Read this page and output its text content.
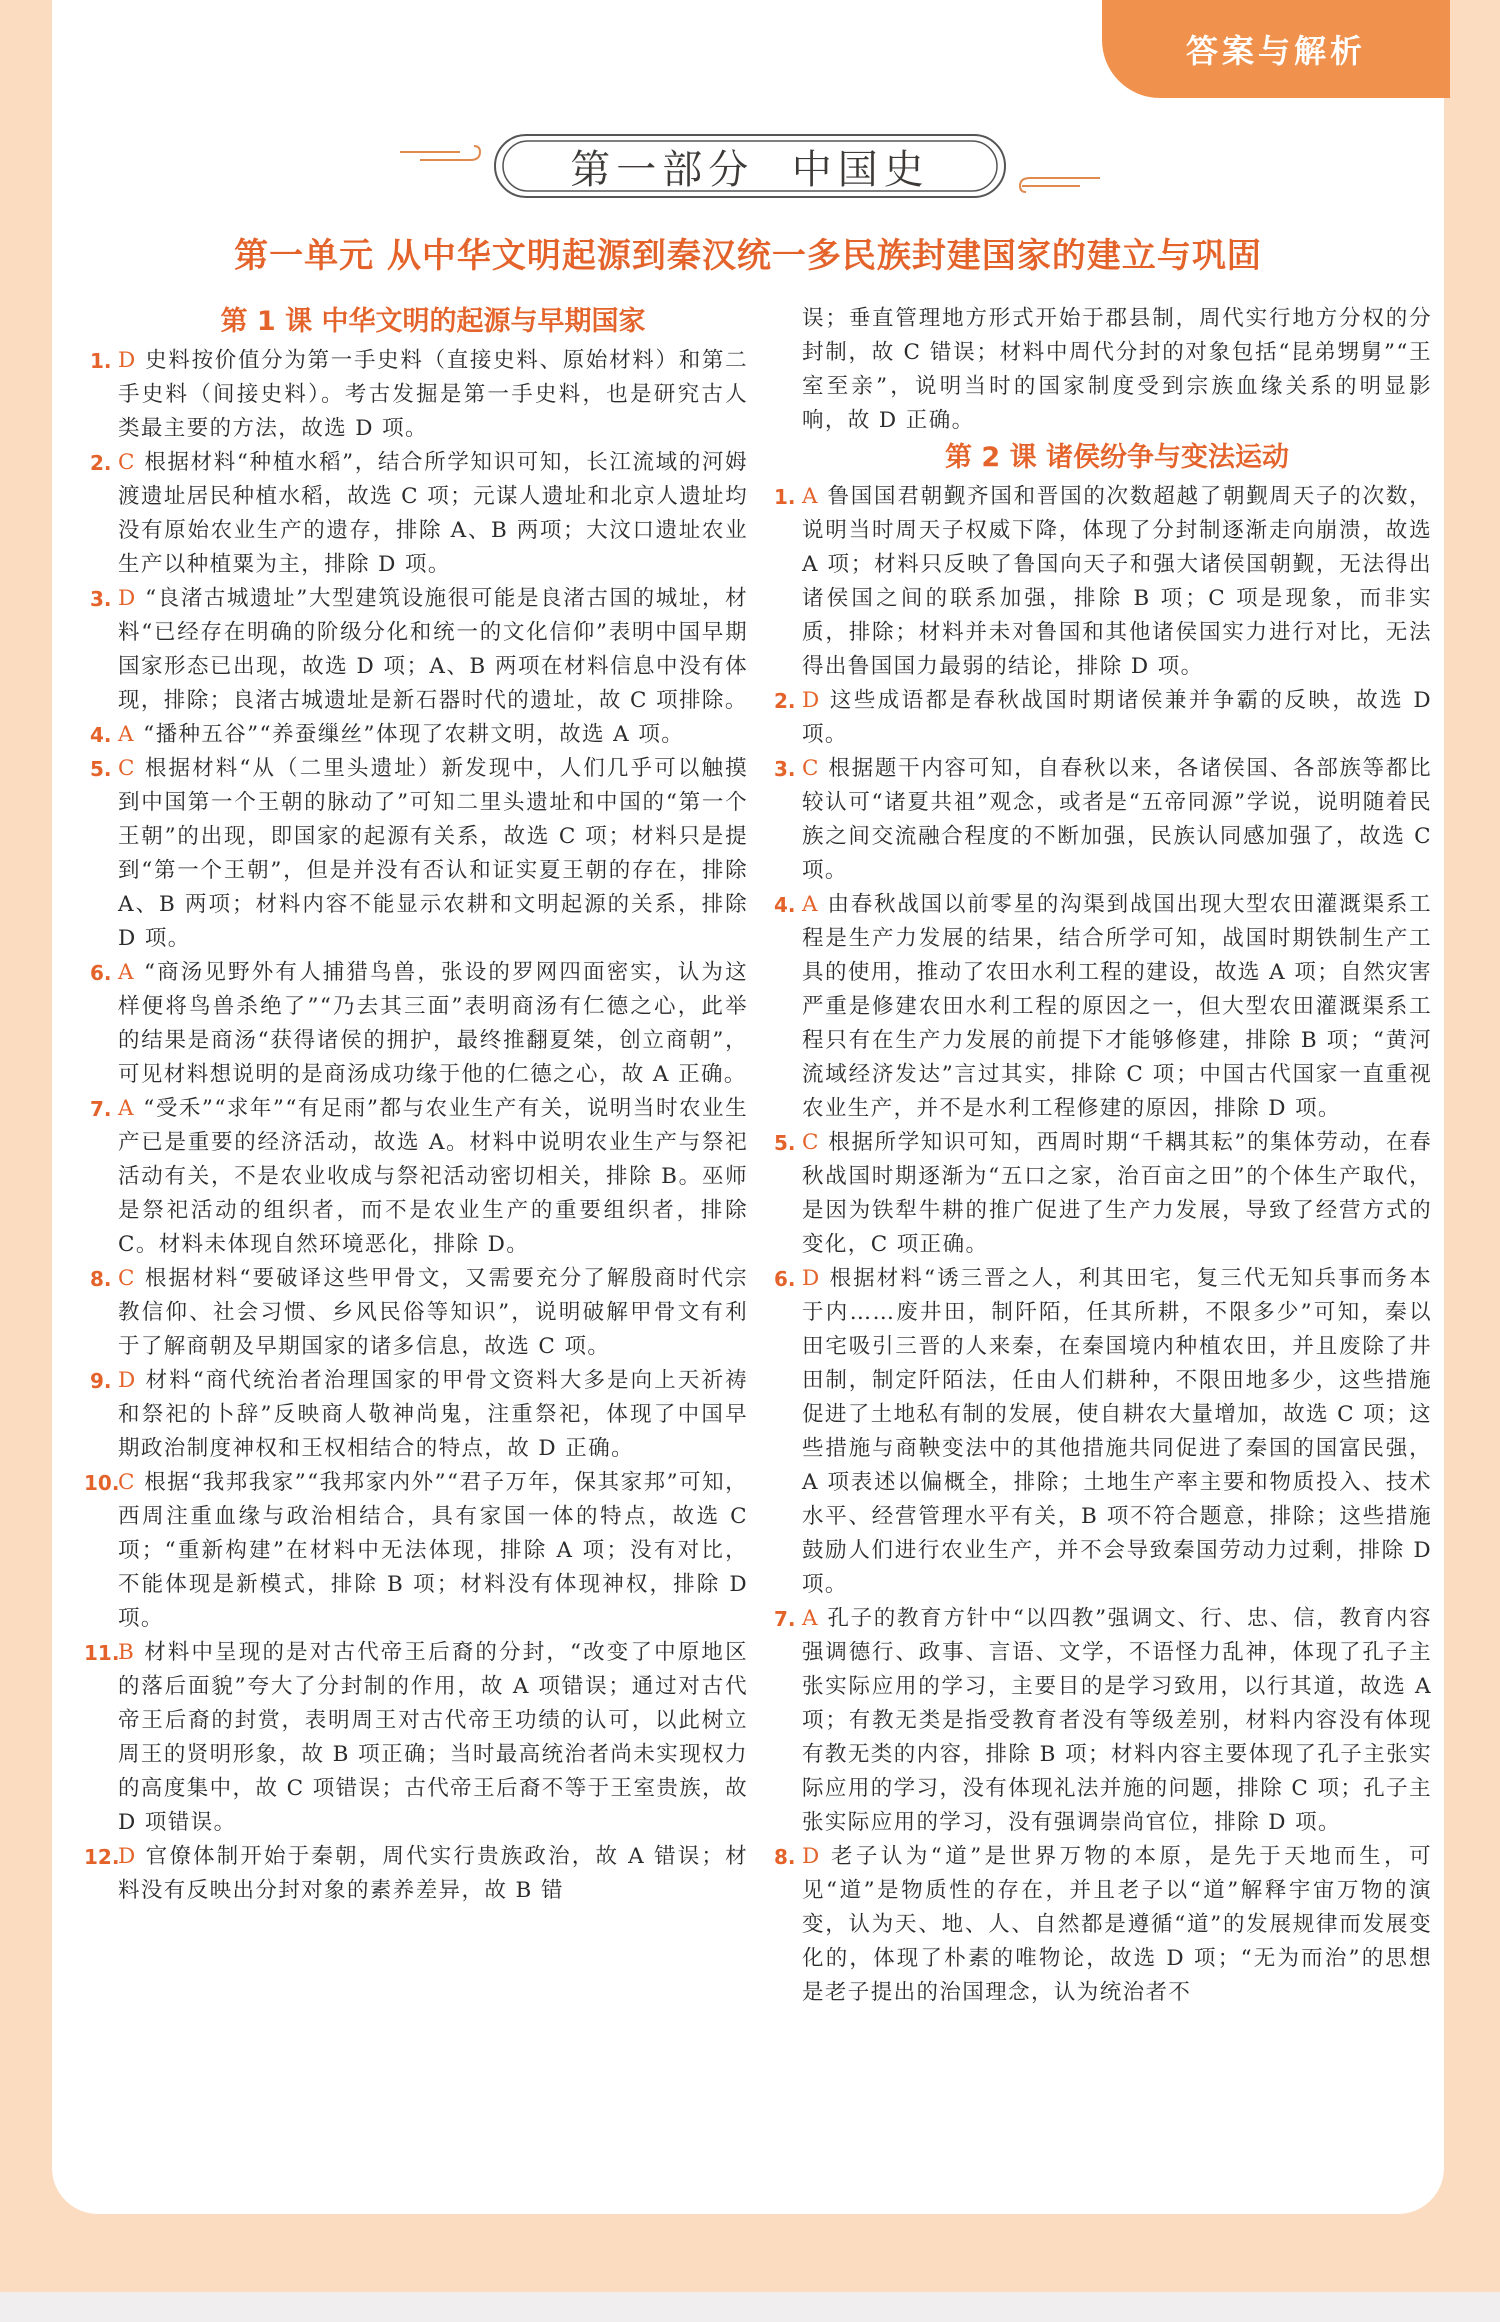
答案与解析
第一部分  中国史
第一单元 从中华文明起源到秦汉统一多民族封建国家的建立与巩固
第 1 课 中华文明的起源与早期国家
1. D 史料按价值分为第一手史料（直接史料、原始材料）和第二手史料（间接史料）。考古发掘是第一手史料，也是研究古人类最主要的方法，故选 D 项。
2. C 根据材料“种植水稻”，结合所学知识可知，长江流域的河姆渡遗址居民种植水稻，故选 C 项；元谋人遗址和北京人遗址均没有原始农业生产的遗存，排除 A、B 两项；大汶口遗址农业生产以种植粟为主，排除 D 项。
3. D “良渚古城遗址”大型建筑设施很可能是良渚古国的城址，材料“已经存在明确的阶级分化和统一的文化信仰”表明中国早期国家形态已出现，故选 D 项；A、B 两项在材料信息中没有体现，排除；良渚古城遗址是新石器时代的遗址，故 C 项排除。
4. A “播种五谷”“养蚕缫丝”体现了农耕文明，故选 A 项。
5. C 根据材料“从（二里头遗址）新发现中，人们几乎可以触摸到中国第一个王朝的脉动了”可知二里头遗址和中国的“第一个王朝”的出现，即国家的起源有关系，故选 C 项；材料只是提到“第一个王朝”，但是并没有否认和证实夏王朝的存在，排除 A、B 两项；材料内容不能显示农耕和文明起源的关系，排除 D 项。
6. A “商汤见野外有人捕猎鸟兽，张设的罗网四面密实，认为这样便将鸟兽杀绝了”“乃去其三面”表明商汤有仁德之心，此举的结果是商汤“获得诸侯的拥护，最终推翻夏桀，创立商朝”，可见材料想说明的是商汤成功缘于他的仁德之心，故 A 正确。
7. A “受禾”“求年”“有足雨”都与农业生产有关，说明当时农业生产已是重要的经济活动，故选 A。材料中说明农业生产与祭祀活动有关，不是农业收成与祭祀活动密切相关，排除 B。巫师是祭祀活动的组织者，而不是农业生产的重要组织者，排除 C。材料未体现自然环境恶化，排除 D。
8. C 根据材料“要破译这些甲骨文，又需要充分了解殷商时代宗教信仰、社会习惯、乡风民俗等知识”，说明破解甲骨文有利于了解商朝及早期国家的诸多信息，故选 C 项。
9. D 材料“商代统治者治理国家的甲骨文资料大多是向上天祈祷和祭祀的卜辞”反映商人敬神尚鬼，注重祭祀，体现了中国早期政治制度神权和王权相结合的特点，故 D 正确。
10.
C 根据“我邦我家”“我邦家内外”“君子万年，保其家邦”可知，西周注重血缘与政治相结合，具有家国一体的特点，故选 C 项；“重新构建”在材料中无法体现，排除 A 项；没有对比，不能体现是新模式，排除 B 项；材料没有体现神权，排除 D 项。
11.
B 材料中呈现的是对古代帝王后裔的分封，“改变了中原地区的落后面貌”夸大了分封制的作用，故 A 项错误；通过对古代帝王后裔的封赏，表明周王对古代帝王功绩的认可，以此树立周王的贤明形象，故 B 项正确；当时最高统治者尚未实现权力的高度集中，故 C 项错误；古代帝王后裔不等于王室贵族，故 D 项错误。
12.
D 官僚体制开始于秦朝，周代实行贵族政治，故 A 错误；材料没有反映出分封对象的素养差异，故 B 错
误；垂直管理地方形式开始于郡县制，周代实行地方分权的分封制，故 C 错误；材料中周代分封的对象包括“昆弟甥舅”“王室至亲”，说明当时的国家制度受到宗族血缘关系的明显影响，故 D 正确。
第 2 课 诸侯纷争与变法运动
1. A 鲁国国君朝觐齐国和晋国的次数超越了朝觐周天子的次数，说明当时周天子权威下降，体现了分封制逐渐走向崩溃，故选 A 项；材料只反映了鲁国向天子和强大诸侯国朝觐，无法得出诸侯国之间的联系加强，排除 B 项；C 项是现象，而非实质，排除；材料并未对鲁国和其他诸侯国实力进行对比，无法得出鲁国国力最弱的结论，排除 D 项。
2. D 这些成语都是春秋战国时期诸侯兼并争霸的反映，故选 D 项。
3. C 根据题干内容可知，自春秋以来，各诸侯国、各部族等都比较认可“诸夏共祖”观念，或者是“五帝同源”学说，说明随着民族之间交流融合程度的不断加强，民族认同感加强了，故选 C 项。
4. A 由春秋战国以前零星的沟渠到战国出现大型农田灌溉渠系工程是生产力发展的结果，结合所学可知，战国时期铁制生产工具的使用，推动了农田水利工程的建设，故选 A 项；自然灾害严重是修建农田水利工程的原因之一，但大型农田灌溉渠系工程只有在生产力发展的前提下才能够修建，排除 B 项；“黄河流域经济发达”言过其实，排除 C 项；中国古代国家一直重视农业生产，并不是水利工程修建的原因，排除 D 项。
5. C 根据所学知识可知，西周时期“千耦其耘”的集体劳动，在春秋战国时期逐渐为“五口之家，治百亩之田”的个体生产取代，是因为铁犁牛耕的推广促进了生产力发展，导致了经营方式的变化，C 项正确。
6. D 根据材料“诱三晋之人，利其田宅，复三代无知兵事而务本于内……废井田，制阡陌，任其所耕，不限多少”可知，秦以田宅吸引三晋的人来秦，在秦国境内种植农田，并且废除了井田制，制定阡陌法，任由人们耕种，不限田地多少，这些措施促进了土地私有制的发展，使自耕农大量增加，故选 C 项；这些措施与商鞅变法中的其他措施共同促进了秦国的国富民强，A 项表述以偏概全，排除；土地生产率主要和物质投入、技术水平、经营管理水平有关，B 项不符合题意，排除；这些措施鼓励人们进行农业生产，并不会导致秦国劳动力过剩，排除 D 项。
7. A 孔子的教育方针中“以四教”强调文、行、忠、信，教育内容强调德行、政事、言语、文学，不语怪力乱神，体现了孔子主张实际应用的学习，主要目的是学习致用，以行其道，故选 A 项；有教无类是指受教育者没有等级差别，材料内容没有体现有教无类的内容，排除 B 项；材料内容主要体现了孔子主张实际应用的学习，没有体现礼法并施的问题，排除 C 项；孔子主张实际应用的学习，没有强调崇尚官位，排除 D 项。
8. D 老子认为“道”是世界万物的本原，是先于天地而生，可见“道”是物质性的存在，并且老子以“道”解释宇宙万物的演变，认为天、地、人、自然都是遵循“道”的发展规律而发展变化的，体现了朴素的唯物论，故选 D 项；“无为而治”的思想是老子提出的治国理念，认为统治者不
